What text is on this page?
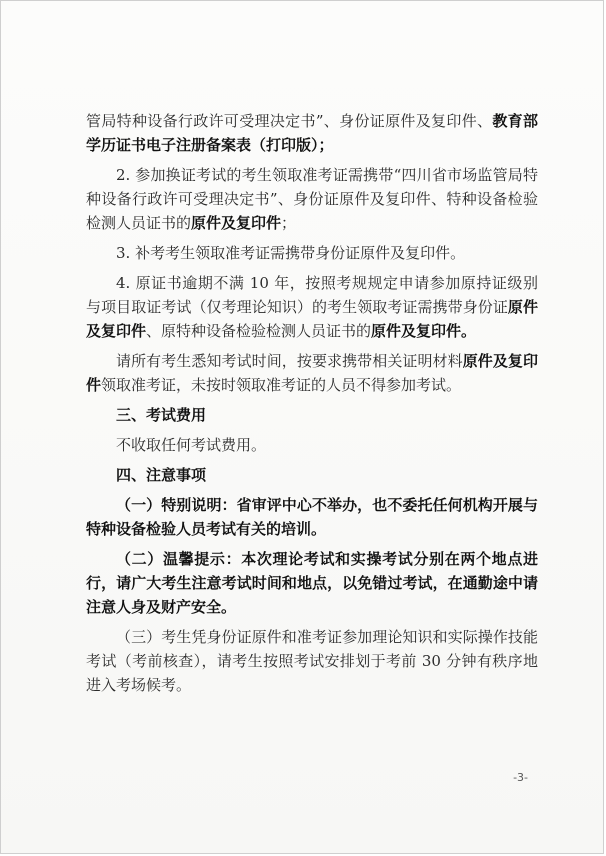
管局特种设备行政许可受理决定书”、身份证原件及复印件、教育部学历证书电子注册备案表（打印版）；

2. 参加换证考试的考生领取准考证需携带“四川省市场监管局特种设备行政许可受理决定书”、身份证原件及复印件、特种设备检验检测人员证书的原件及复印件；

3. 补考考生领取准考证需携带身份证原件及复印件。

4. 原证书逾期不满 10 年，按照考规规定申请参加原持证级别与项目取证考试（仅考理论知识）的考生领取考证需携带身份证原件及复印件、原特种设备检验检测人员证书的原件及复印件。

请所有考生悉知考试时间，按要求携带相关证明材料原件及复印件领取准考证，未按时领取准考证的人员不得参加考试。

三、考试费用

不收取任何考试费用。

四、注意事项

（一）特别说明：省审评中心不举办，也不委托任何机构开展与特种设备检验人员考试有关的培训。

（二）温馨提示：本次理论考试和实操考试分别在两个地点进行，请广大考生注意考试时间和地点，以免错过考试，在通勤途中请注意人身及财产安全。

（三）考生凭身份证原件和准考证参加理论知识和实际操作技能考试（考前核查），请考生按照考试安排划于考前 30 分钟有秩序地进入考场候考。

-3-
